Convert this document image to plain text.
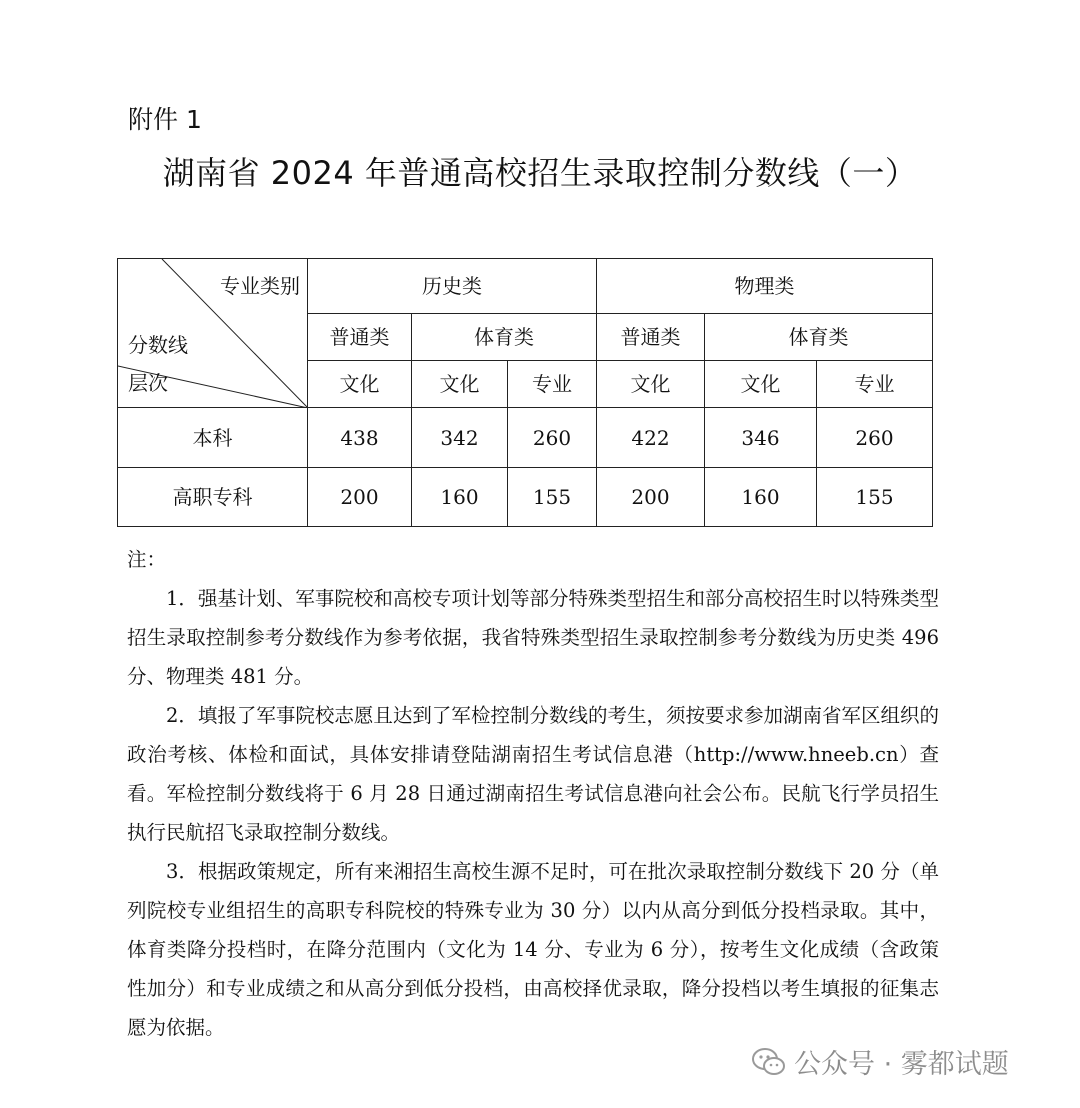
附件 1
湖南省 2024 年普通高校招生录取控制分数线（一）
专业类别
分数线
层次	历史类			物理类		
	普通类	体育类		普通类	体育类	
	文化	文化	专业	文化	文化	专业
本科	438	342	260	422	346	260
高职专科	200	160	155	200	160	155

注：

1．强基计划、军事院校和高校专项计划等部分特殊类型招生和部分高校招生时以特殊类型招生录取控制参考分数线作为参考依据，我省特殊类型招生录取控制参考分数线为历史类 496 分、物理类 481 分。

2．填报了军事院校志愿且达到了军检控制分数线的考生，须按要求参加湖南省军区组织的政治考核、体检和面试，具体安排请登陆湖南招生考试信息港（http://www.hneeb.cn）查看。军检控制分数线将于 6 月 28 日通过湖南招生考试信息港向社会公布。民航飞行学员招生执行民航招飞录取控制分数线。

3．根据政策规定，所有来湘招生高校生源不足时，可在批次录取控制分数线下 20 分（单列院校专业组招生的高职专科院校的特殊专业为 30 分）以内从高分到低分投档录取。其中，体育类降分投档时，在降分范围内（文化为 14 分、专业为 6 分），按考生文化成绩（含政策性加分）和专业成绩之和从高分到低分投档，由高校择优录取，降分投档以考生填报的征集志愿为依据。

公众号 · 雾都试题
